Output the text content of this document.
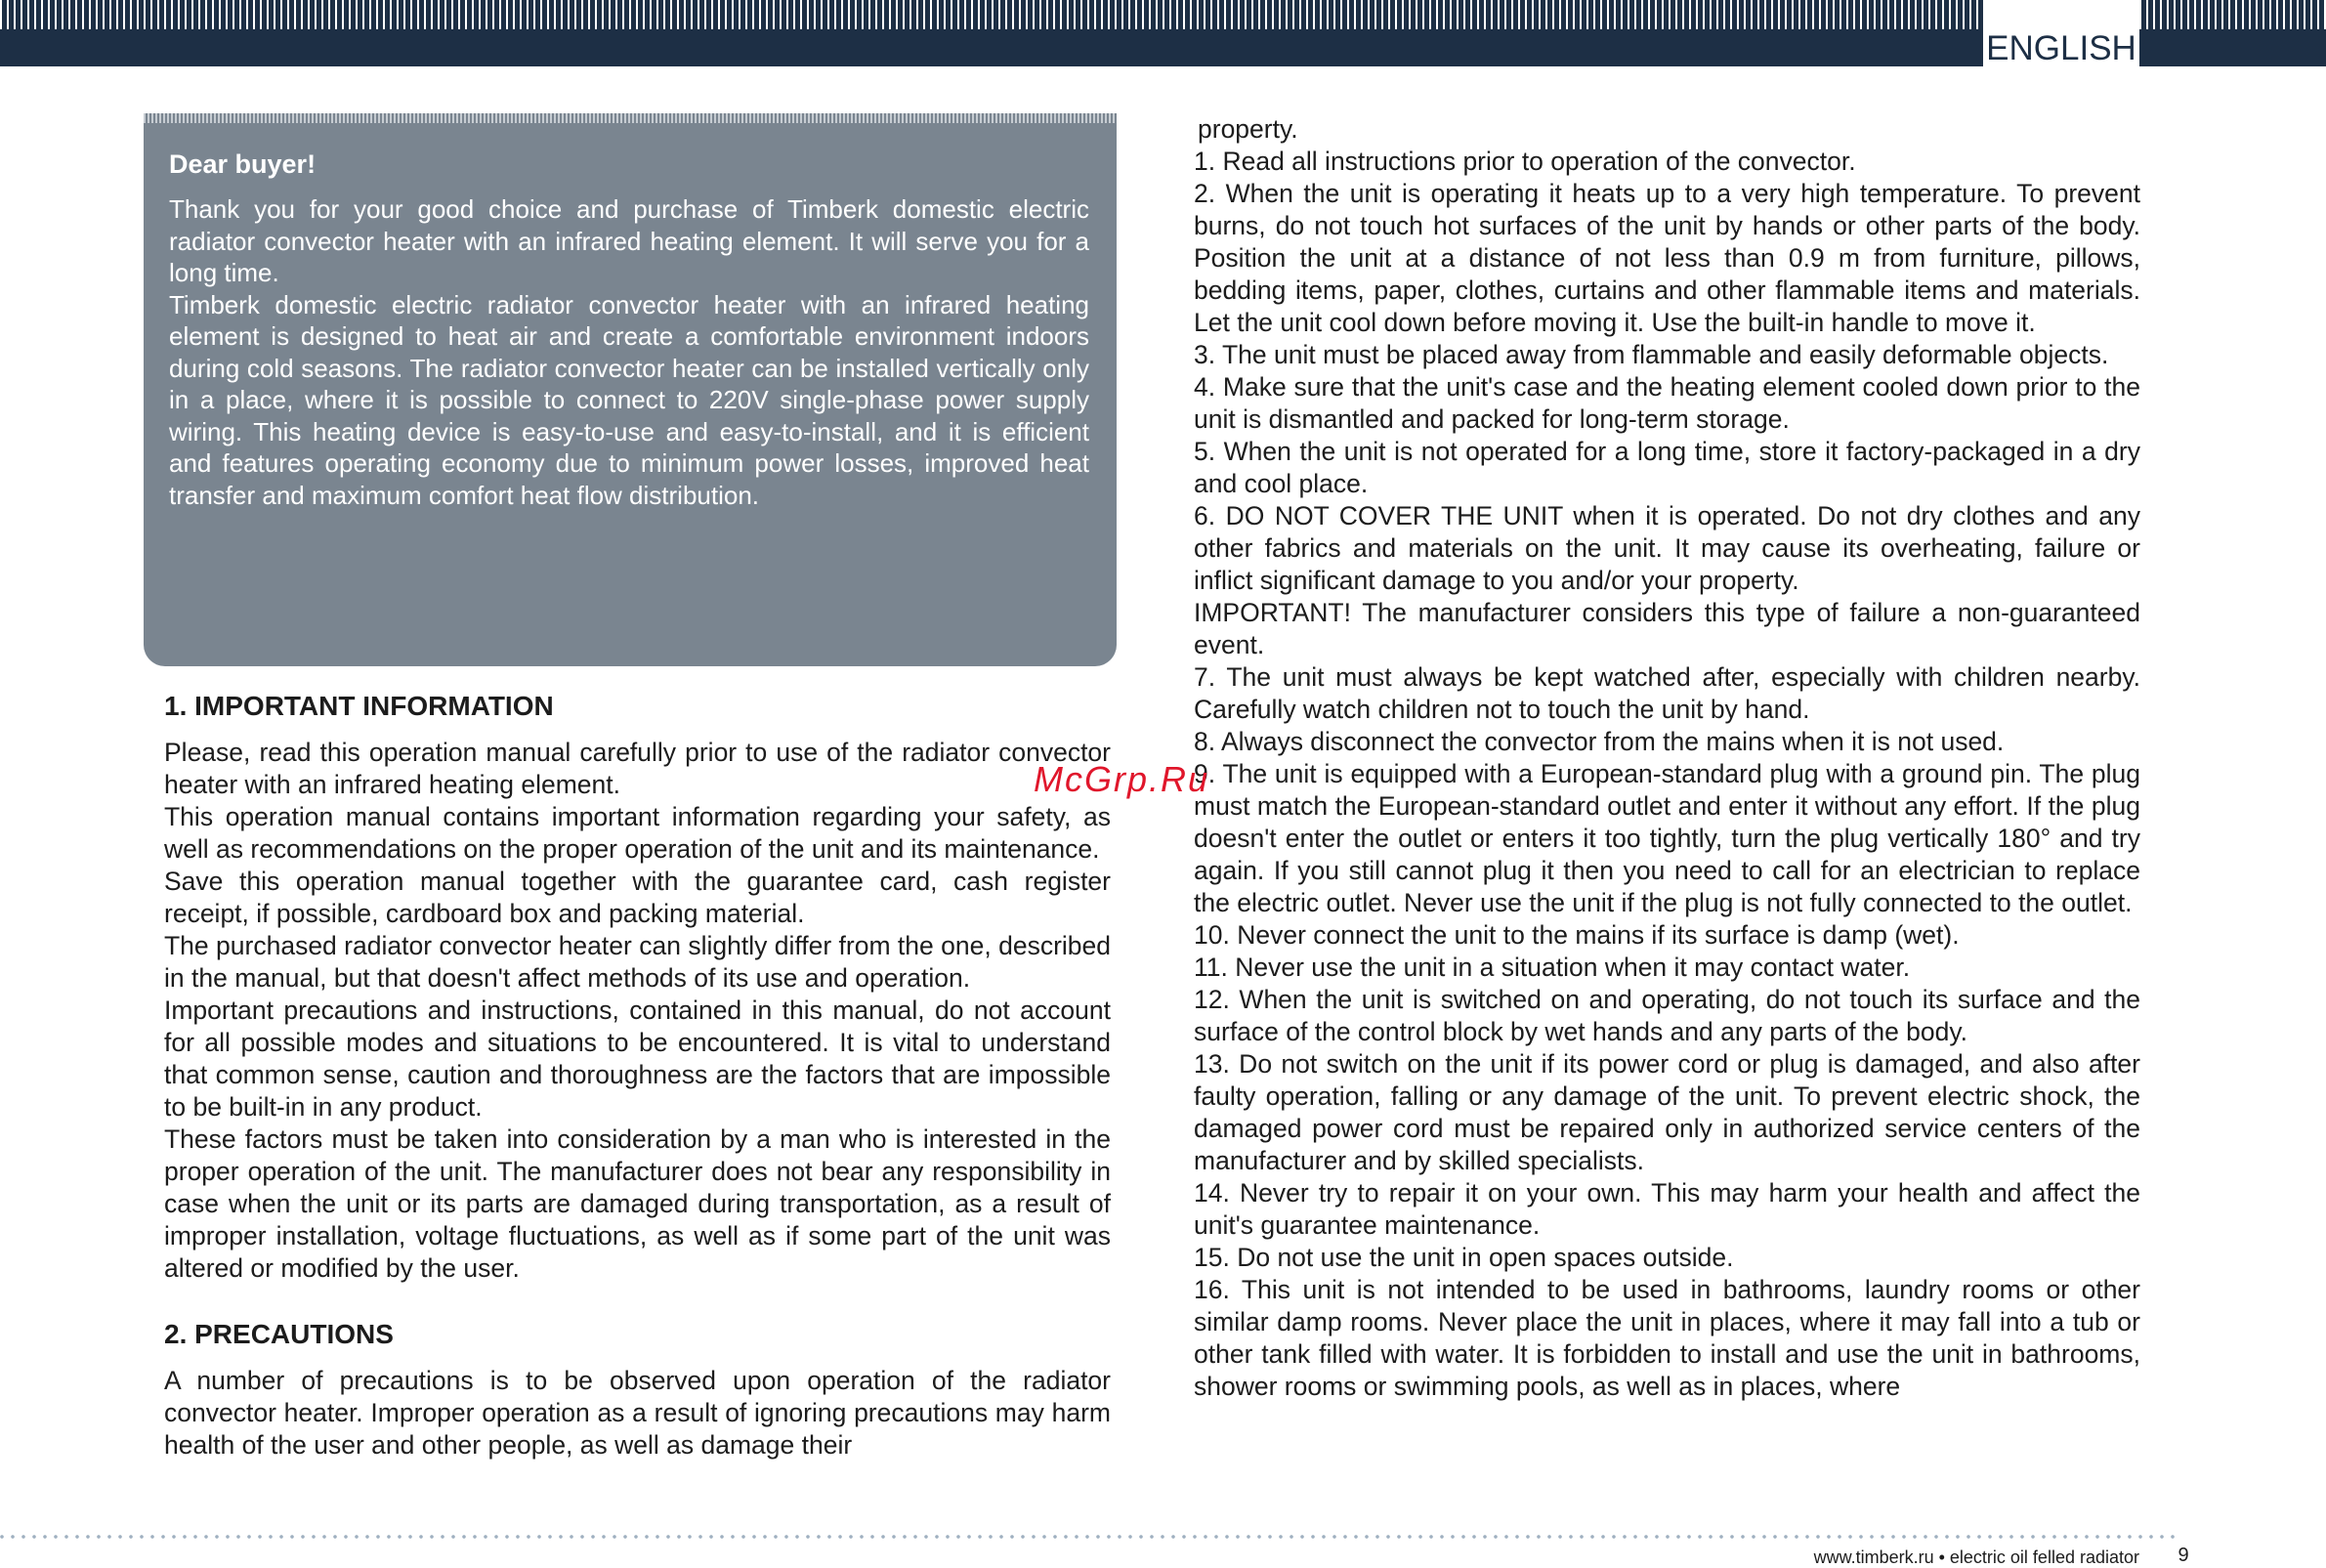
ENGLISH

Dear buyer!

Thank you for your good choice and purchase of Timberk domestic electric radiator convector heater with an infrared heating element. It will serve you for a long time.

Timberk domestic electric radiator convector heater with an infrared heating element is designed to heat air and create a comfortable environment indoors during cold seasons. The radiator convector heater can be installed vertically only in a place, where it is possible to connect to 220V single-phase power supply wiring. This heating device is easy-to-use and easy-to-install, and it is efficient and features operating economy due to minimum power losses, improved heat transfer and maximum comfort heat flow distribution.

1. IMPORTANT INFORMATION

Please, read this operation manual carefully prior to use of the radiator convector heater with an infrared heating element.

This operation manual contains important information regarding your safety, as well as recommendations on the proper operation of the unit and its maintenance.

Save this operation manual together with the guarantee card, cash register receipt, if possible, cardboard box and packing material.

The purchased radiator convector heater can slightly differ from the one, described in the manual, but that doesn't affect methods of its use and operation.

Important precautions and instructions, contained in this manual, do not account for all possible modes and situations to be encountered. It is vital to understand that common sense, caution and thoroughness are the factors that are impossible to be built-in in any product.

These factors must be taken into consideration by a man who is interested in the proper operation of the unit. The manufacturer does not bear any responsibility in case when the unit or its parts are damaged during transportation, as a result of improper installation, voltage fluctuations, as well as if some part of the unit was altered or modified by the user.

2. PRECAUTIONS

A number of precautions is to be observed upon operation of the radiator convector heater. Improper operation as a result of ignoring precautions may harm health of the user and other people, as well as damage their

property.

1. Read all instructions prior to operation of the convector.

2. When the unit is operating it heats up to a very high temperature. To prevent burns, do not touch hot surfaces of the unit by hands or other parts of the body. Position the unit at a distance of not less than 0.9 m from furniture, pillows, bedding items, paper, clothes, curtains and other flammable items and materials. Let the unit cool down before moving it. Use the built-in handle to move it.

3. The unit must be placed away from flammable and easily deformable objects.

4. Make sure that the unit's case and the heating element cooled down prior to the unit is dismantled and packed for long-term storage.

5. When the unit is not operated for a long time, store it factory-packaged in a dry and cool place.

6. DO NOT COVER THE UNIT when it is operated. Do not dry clothes and any other fabrics and materials on the unit. It may cause its overheating, failure or inflict significant damage to you and/or your property.

IMPORTANT! The manufacturer considers this type of failure a non-guaranteed event.

7. The unit must always be kept watched after, especially with children nearby. Carefully watch children not to touch the unit by hand.

8. Always disconnect the convector from the mains when it is not used.

9. The unit is equipped with a European-standard plug with a ground pin. The plug must match the European-standard outlet and enter it without any effort. If the plug doesn't enter the outlet or enters it too tightly, turn the plug vertically 180° and try again. If you still cannot plug it then you need to call for an electrician to replace the electric outlet. Never use the unit if the plug is not fully connected to the outlet.

10. Never connect the unit to the mains if its surface is damp (wet).

11. Never use the unit in a situation when it may contact water.

12. When the unit is switched on and operating, do not touch its surface and the surface of the control block by wet hands and any parts of the body.

13. Do not switch on the unit if its power cord or plug is damaged, and also after faulty operation, falling or any damage of the unit. To prevent electric shock, the damaged power cord must be repaired only in authorized service centers of the manufacturer and by skilled specialists.

14. Never try to repair it on your own. This may harm your health and affect the unit's guarantee maintenance.

15. Do not use the unit in open spaces outside.

16. This unit is not intended to be used in bathrooms, laundry rooms or other similar damp rooms. Never place the unit in places, where it may fall into a tub or other tank filled with water. It is forbidden to install and use the unit in bathrooms, shower rooms or swimming pools, as well as in places, where

McGrp.Ru
www.timberk.ru • electric oil felled radiator	9
